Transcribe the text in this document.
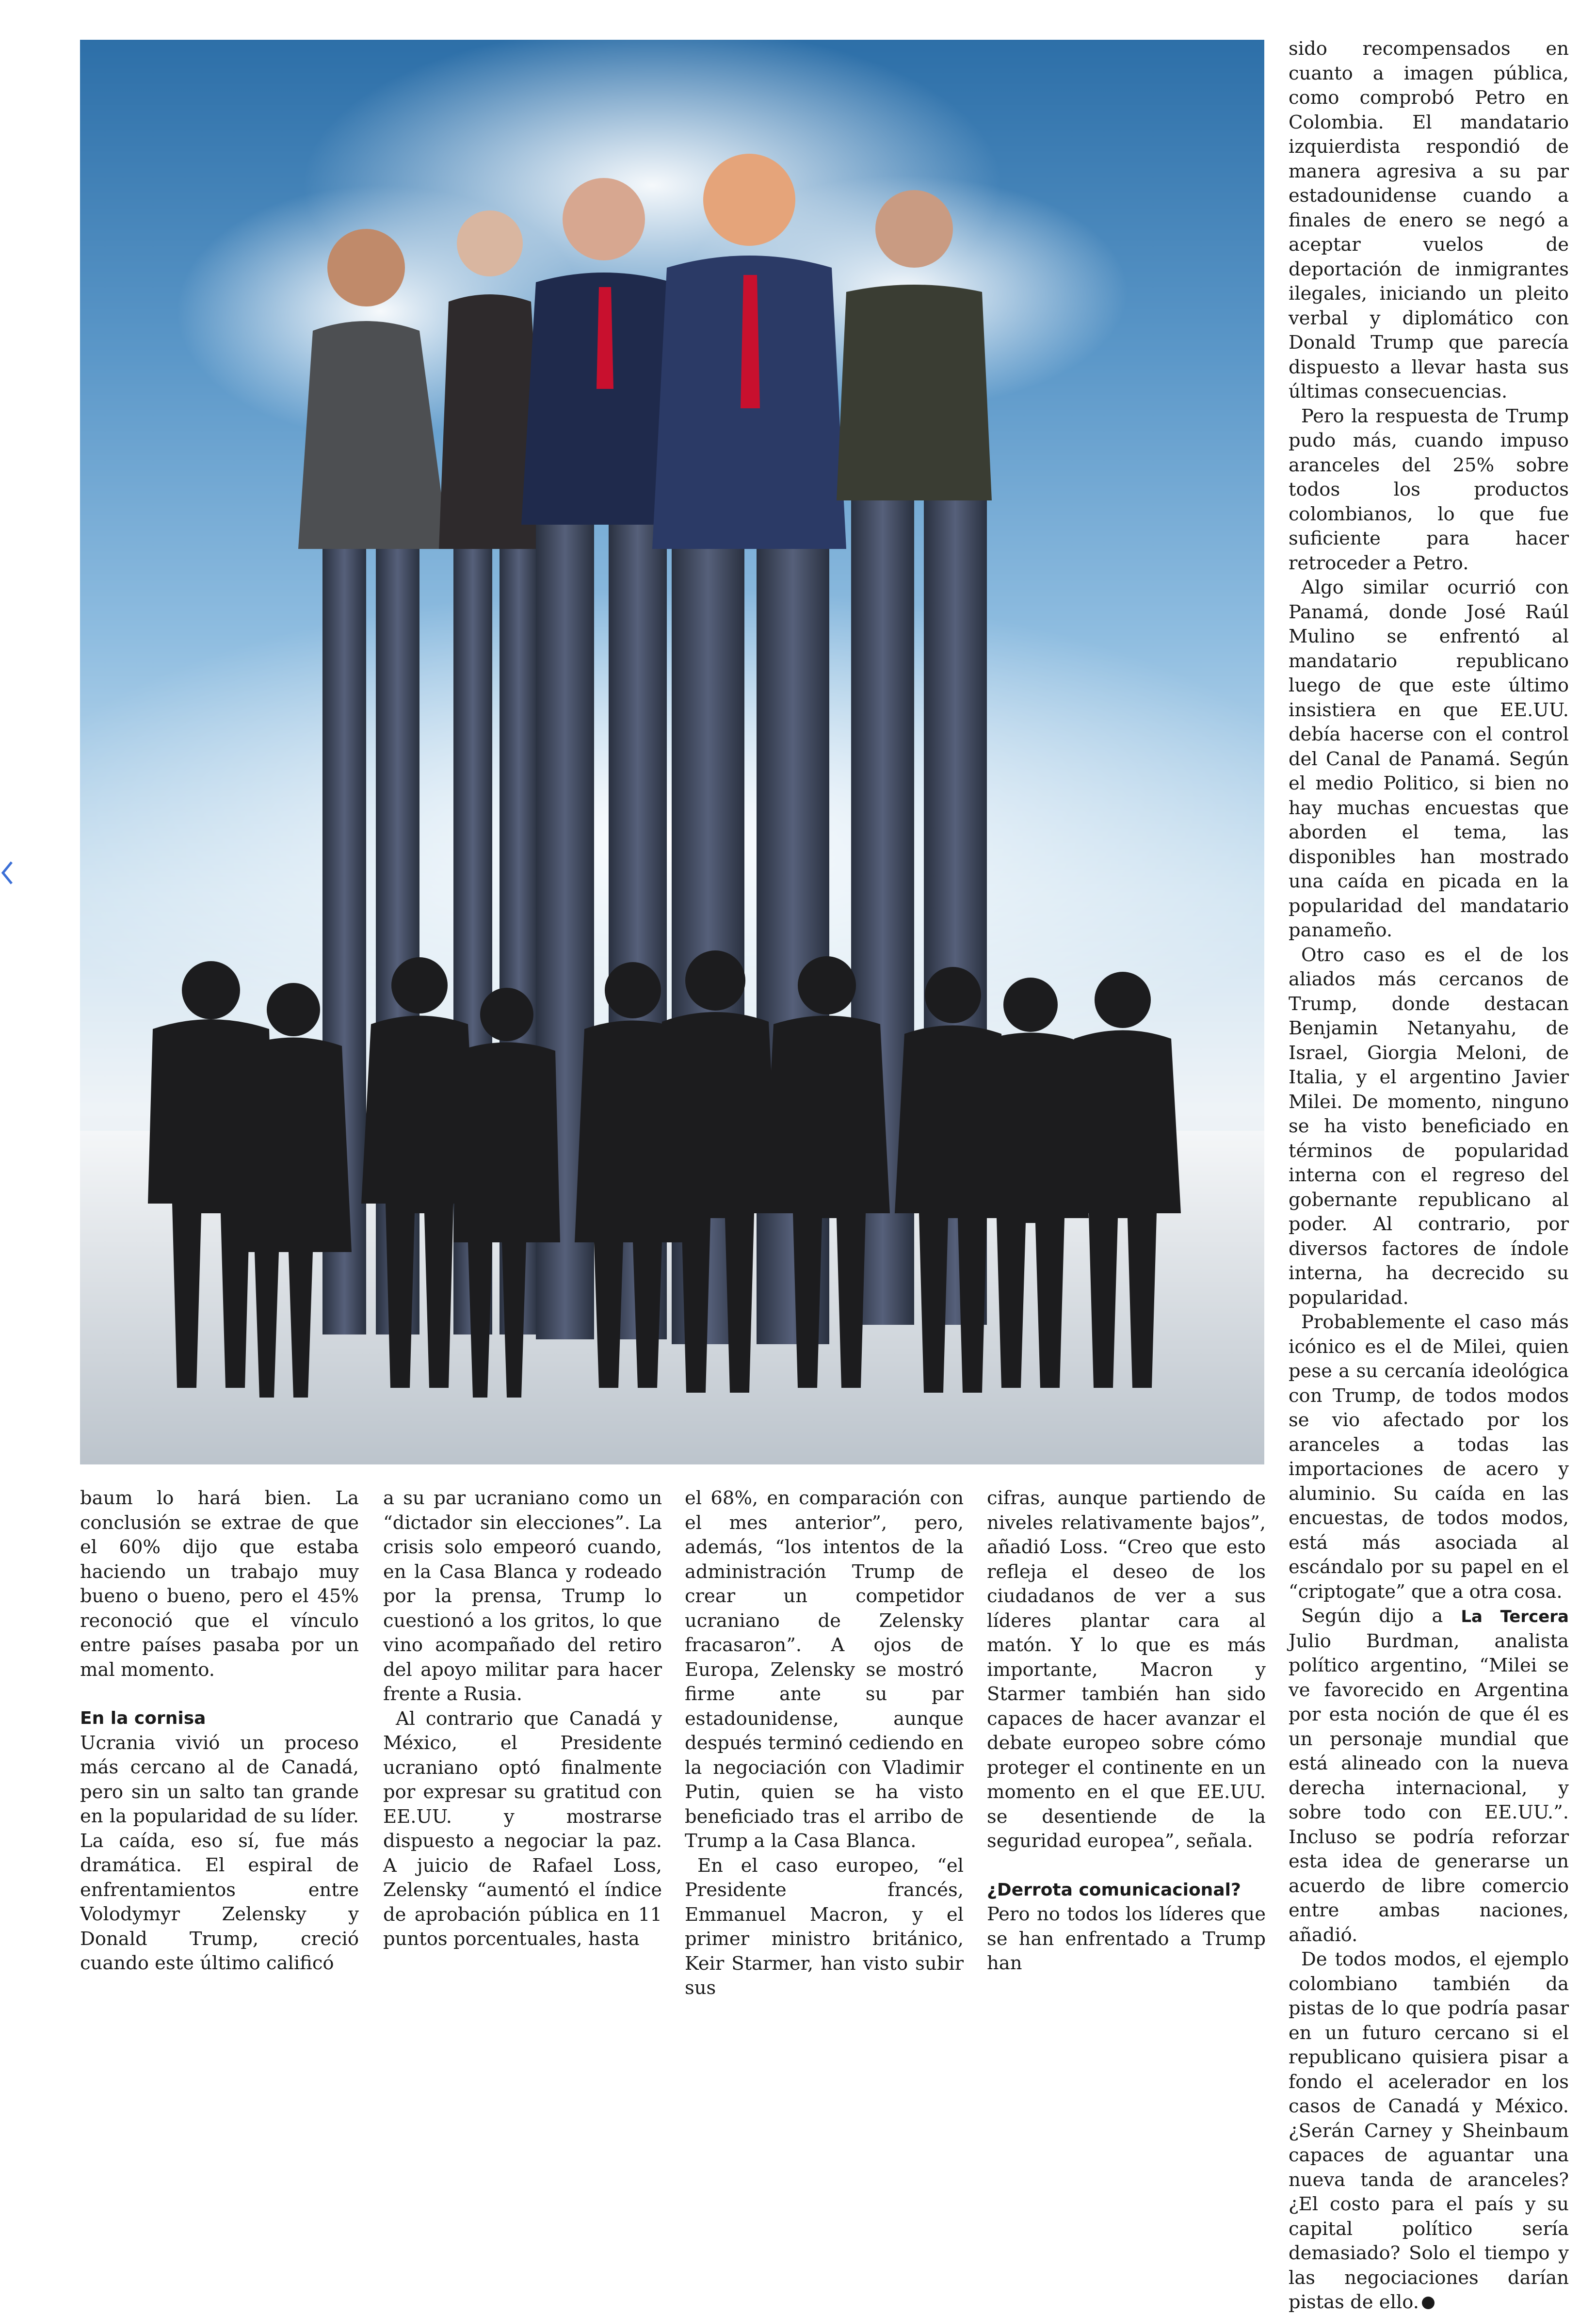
sido recompensados en cuanto a imagen pública, como comprobó Petro en Colombia. El mandatario izquierdista respondió de manera agresiva a su par estadounidense cuando a finales de enero se negó a aceptar vuelos de deportación de inmigrantes ilegales, iniciando un pleito verbal y diplomático con Donald Trump que parecía dispuesto a llevar hasta sus últimas consecuencias.

Pero la respuesta de Trump pudo más, cuando impuso aranceles del 25% sobre todos los productos colombianos, lo que fue suficiente para hacer retroceder a Petro.

Algo similar ocurrió con Panamá, donde José Raúl Mulino se enfrentó al mandatario republicano luego de que este último insistiera en que EE.UU. debía hacerse con el control del Canal de Panamá. Según el medio Politico, si bien no hay muchas encuestas que aborden el tema, las disponibles han mostrado una caída en picada en la popularidad del mandatario panameño.

Otro caso es el de los aliados más cercanos de Trump, donde destacan Benjamin Netanyahu, de Israel, Giorgia Meloni, de Italia, y el argentino Javier Milei. De momento, ninguno se ha visto beneficiado en términos de popularidad interna con el regreso del gobernante republicano al poder. Al contrario, por diversos factores de índole interna, ha decrecido su popularidad.

Probablemente el caso más icónico es el de Milei, quien pese a su cercanía ideológica con Trump, de todos modos se vio afectado por los aranceles a todas las importaciones de acero y aluminio. Su caída en las encuestas, de todos modos, está más asociada al escándalo por su papel en el “criptogate” que a otra cosa.

Según dijo a La Tercera Julio Burdman, analista político argentino, “Milei se ve favorecido en Argentina por esta noción de que él es un personaje mundial que está alineado con la nueva derecha internacional, y sobre todo con EE.UU.”. Incluso se podría reforzar esta idea de generarse un acuerdo de libre comercio entre ambas naciones, añadió.

De todos modos, el ejemplo colombiano también da pistas de lo que podría pasar en un futuro cercano si el republicano quisiera pisar a fondo el acelerador en los casos de Canadá y México. ¿Serán Carney y Sheinbaum capaces de aguantar una nueva tanda de aranceles? ¿El costo para el país y su capital político sería demasiado? Solo el tiempo y las negociaciones darían pistas de ello.

baum lo hará bien. La conclusión se extrae de que el 60% dijo que estaba haciendo un trabajo muy bueno o bueno, pero el 45% reconoció que el vínculo entre países pasaba por un mal momento.

En la cornisa

Ucrania vivió un proceso más cercano al de Canadá, pero sin un salto tan grande en la popularidad de su líder. La caída, eso sí, fue más dramática. El espiral de enfrentamientos entre Volodymyr Zelensky y Donald Trump, creció cuando este último calificó

a su par ucraniano como un “dictador sin elecciones”. La crisis solo empeoró cuando, en la Casa Blanca y rodeado por la prensa, Trump lo cuestionó a los gritos, lo que vino acompañado del retiro del apoyo militar para hacer frente a Rusia.

Al contrario que Canadá y México, el Presidente ucraniano optó finalmente por expresar su gratitud con EE.UU. y mostrarse dispuesto a negociar la paz. A juicio de Rafael Loss, Zelensky “aumentó el índice de aprobación pública en 11 puntos porcentuales, hasta

el 68%, en comparación con el mes anterior”, pero, además, “los intentos de la administración Trump de crear un competidor ucraniano de Zelensky fracasaron”. A ojos de Europa, Zelensky se mostró firme ante su par estadounidense, aunque después terminó cediendo en la negociación con Vladimir Putin, quien se ha visto beneficiado tras el arribo de Trump a la Casa Blanca.

En el caso europeo, “el Presidente francés, Emmanuel Macron, y el primer ministro británico, Keir Starmer, han visto subir sus

cifras, aunque partiendo de niveles relativamente bajos”, añadió Loss. “Creo que esto refleja el deseo de los ciudadanos de ver a sus líderes plantar cara al matón. Y lo que es más importante, Macron y Starmer también han sido capaces de hacer avanzar el debate europeo sobre cómo proteger el continente en un momento en el que EE.UU. se desentiende de la seguridad europea”, señala.

¿Derrota comunicacional?

Pero no todos los líderes que se han enfrentado a Trump han
